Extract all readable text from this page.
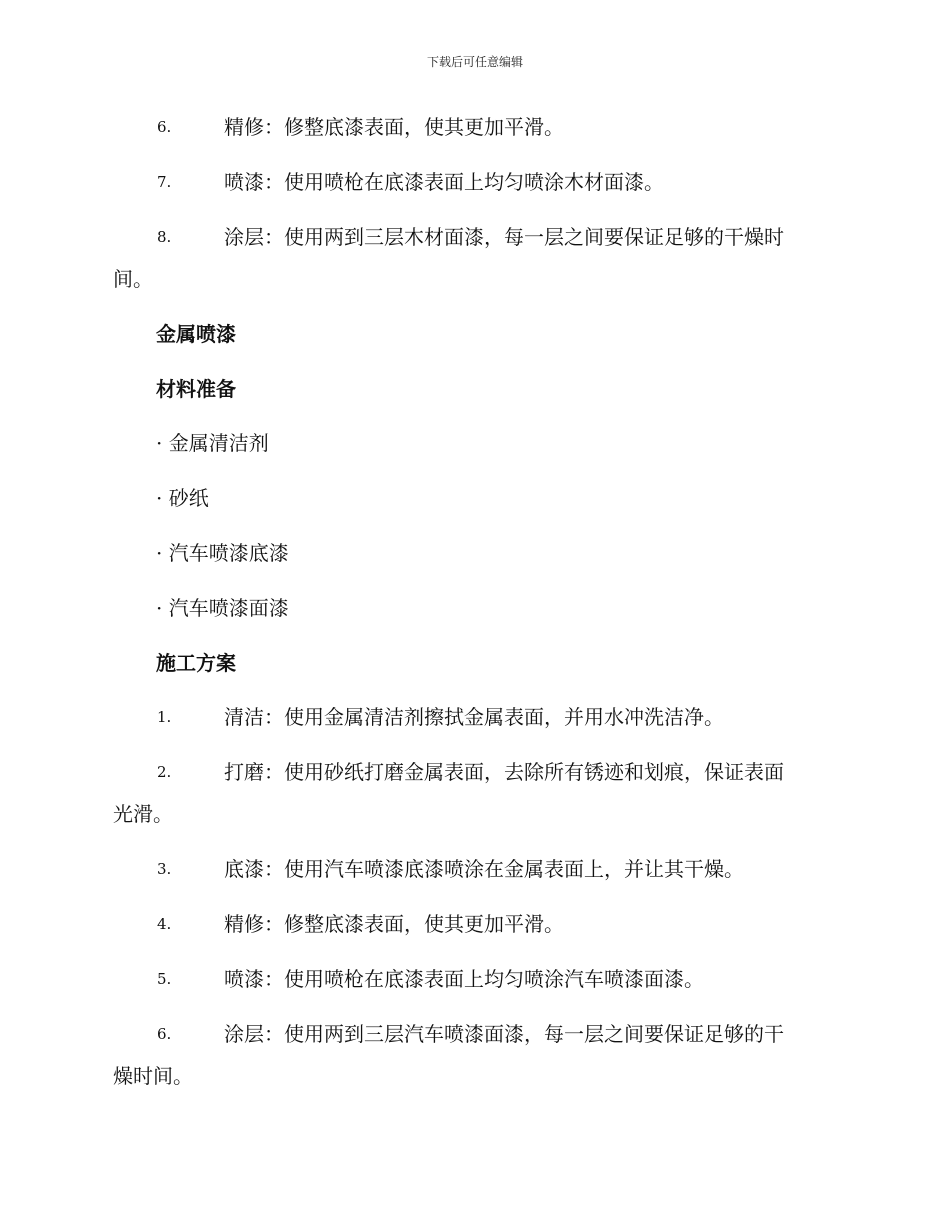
下载后可任意编辑
6.	精修：修整底漆表面，使其更加平滑。
7.	喷漆：使用喷枪在底漆表面上均匀喷涂木材面漆。
8.	涂层：使用两到三层木材面漆，每一层之间要保证足够的干燥时
间。
金属喷漆
材料准备
· 金属清洁剂
· 砂纸
· 汽车喷漆底漆
· 汽车喷漆面漆
施工方案
1.	清洁：使用金属清洁剂擦拭金属表面，并用水冲洗洁净。
2.	打磨：使用砂纸打磨金属表面，去除所有锈迹和划痕，保证表面
光滑。
3.	底漆：使用汽车喷漆底漆喷涂在金属表面上，并让其干燥。
4.	精修：修整底漆表面，使其更加平滑。
5.	喷漆：使用喷枪在底漆表面上均匀喷涂汽车喷漆面漆。
6.	涂层：使用两到三层汽车喷漆面漆，每一层之间要保证足够的干
燥时间。
